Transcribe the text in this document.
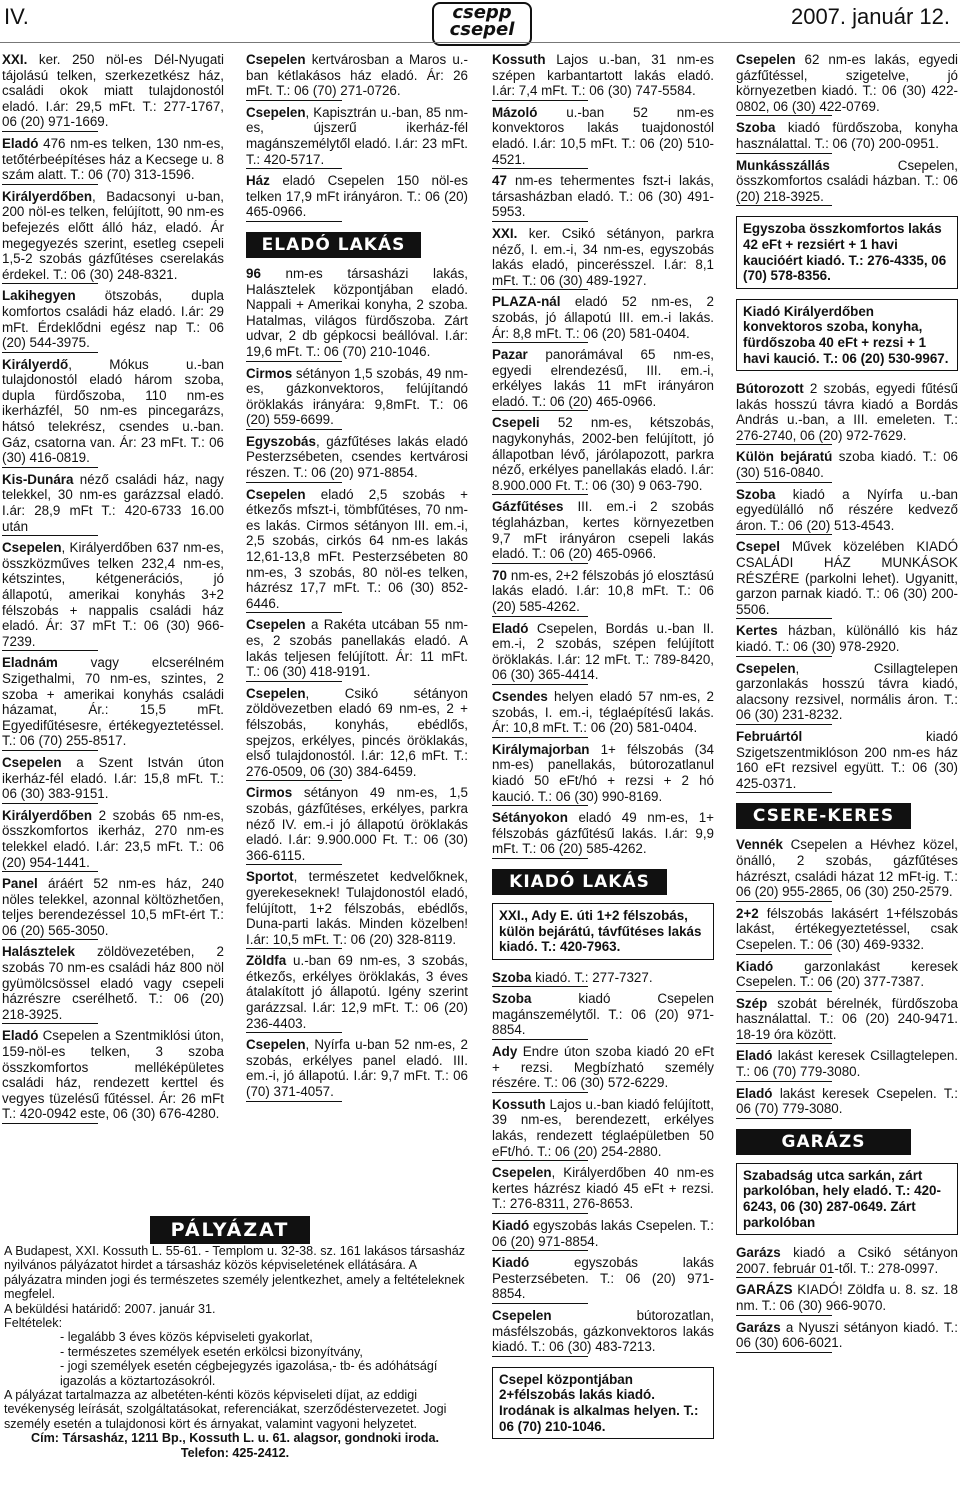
IV.	csepp
csepel
2007. január 12.

XXI. ker. 250 nöl-es Dél-Nyugati tájolású telken, szerkezetkész ház, családi okok miatt tulajdonostól eladó. I.ár: 29,5 mFt. T.: 277-1767, 06 (20) 971-1669.

Eladó 476 nm-es telken, 130 nm-es, tetőtérbeépítéses ház a Kecsege u. 8 szám alatt. T.: 06 (70) 313-1596.

Királyerdőben, Badacsonyi u-ban, 200 nöl-es telken, felújított, 90 nm-es befejezés előtt álló ház, eladó. Ár megegyezés szerint, esetleg csepeli 1,5-2 szobás gázfűtéses cserelakás érdekel. T.: 06 (30) 248-8321.

Lakihegyen ötszobás, dupla komfortos családi ház eladó. I.ár: 29 mFt. Érdeklődni egész nap T.: 06 (20) 544-3975.

Királyerdő, Mókus u.-ban tulajdonostól eladó három szoba, dupla fürdőszoba, 110 nm-es ikerházfél, 50 nm-es pincegarázs, hátsó telekrész, csendes u.-ban. Gáz, csatorna van. Ár: 23 mFt. T.: 06 (30) 416-0819.

Kis-Dunára néző családi ház, nagy telekkel, 30 nm-es garázzsal eladó. I.ár: 28,9 mFt T.: 420-6733 16.00 után

Csepelen, Királyerdőben 637 nm-es, összközműves telken 232,4 nm-es, kétszintes, kétgenerációs, jó állapotú, amerikai konyhás 3+2 félszobás + nappalis családi ház eladó. Ár: 37 mFt T.: 06 (30) 966-7239.

Eladnám vagy elcserélném Szigethalmi, 70 nm-es, szintes, 2 szoba + amerikai konyhás családi házamat, Ár.: 15,5 mFt. Egyedifűtésesre, értékegyeztetéssel. T.: 06 (70) 255-8517.

Csepelen a Szent István úton ikerház-fél eladó. I.ár: 15,8 mFt. T.: 06 (30) 383-9151.

Királyerdőben 2 szobás 65 nm-es, összkomfortos ikerház, 270 nm-es telekkel eladó. I.ár: 23,5 mFt. T.: 06 (20) 954-1441.

Panel áráért 52 nm-es ház, 240 nöles telekkel, azonnal költözhetően, teljes berendezéssel 10,5 mFt-ért T.: 06 (20) 565-3050.

Halásztelek zöldövezetében, 2 szobás 70 nm-es családi ház 800 nöl gyümölcsössel eladó vagy csepeli házrészre cserélhető. T.: 06 (20) 218-3925.

Eladó Csepelen a Szentmiklósi úton, 159-nöl-es telken, 3 szoba összkomfortos melléképületes családi ház, rendezett kerttel és vegyes tüzelésű fűtéssel. Ár: 26 mFt T.: 420-0942 este, 06 (30) 676-4280.

Csepelen kertvárosban a Maros u.-ban kétlakásos ház eladó. Ár: 26 mFt. T.: 06 (70) 271-0726.

Csepelen, Kapisztrán u.-ban, 85 nm-es, újszerű ikerház-fél magánszemélytől eladó. I.ár: 23 mFt. T.: 420-5717.

Ház eladó Csepelen 150 nöl-es telken 17,9 mFt irányáron. T.: 06 (20) 465-0966.

ELADÓ LAKÁS

96 nm-es társasházi lakás, Halásztelek központjában eladó. Nappali + Amerikai konyha, 2 szoba. Hatalmas, világos fürdőszoba. Zárt udvar, 2 db gépkocsi beállóval. I.ár: 19,6 mFt. T.: 06 (70) 210-1046.

Cirmos sétányon 1,5 szobás, 49 nm-es, gázkonvektoros, felújítandó öröklakás irányára: 9,8mFt. T.: 06 (20) 559-6699.

Egyszobás, gázfűtéses lakás eladó Pesterzsébeten, csendes kertvárosi részen. T.: 06 (20) 971-8854.

Csepelen eladó 2,5 szobás + étkezős mfszt-i, tömbfűtéses, 70 nm-es lakás. Cirmos sétányon III. em.-i, 2,5 szobás, cirkós 64 nm-es lakás 12,61-13,8 mFt. Pesterzsébeten 80 nm-es, 3 szobás, 80 nöl-es telken, házrész 17,7 mFt. T.: 06 (30) 852-6446.

Csepelen a Rakéta utcában 55 nm-es, 2 szobás panellakás eladó. A lakás teljesen felújított. Ár: 11 mFt. T.: 06 (30) 418-9191.

Csepelen, Csikó sétányon zöldövezetben eladó 69 nm-es, 2 + félszobás, konyhás, ebédlős, spejzos, erkélyes, pincés öröklakás, első tulajdonostól. I.ár: 12,6 mFt. T.: 276-0509, 06 (30) 384-6459.

Cirmos sétányon 49 nm-es, 1,5 szobás, gázfűtéses, erkélyes, parkra néző IV. em.-i jó állapotú öröklakás eladó. I.ár: 9.900.000 Ft. T.: 06 (30) 366-6115.

Sportot, természetet kedvelőknek, gyerekeseknek! Tulajdonostól eladó, felújított, 1+2 félszobás, ebédlős, Duna-parti lakás. Minden közelben! I.ár: 10,5 mFt. T.: 06 (20) 328-8119.

Zöldfa u.-ban 69 nm-es, 3 szobás, étkezős, erkélyes öröklakás, 3 éves átalakított jó állapotú. Igény szerint garázzsal. I.ár: 12,9 mFt. T.: 06 (20) 236-4403.

Csepelen, Nyírfa u-ban 52 nm-es, 2 szobás, erkélyes panel eladó. III. em.-i, jó állapotú. I.ár: 9,7 mFt. T.: 06 (70) 371-4057.

Kossuth Lajos u.-ban, 31 nm-es szépen karbantartott lakás eladó. I.ár: 7,4 mFt. T.: 06 (30) 747-5584.

Mázoló u.-ban 52 nm-es konvektoros lakás tuajdonostól eladó. I.ár: 10,5 mFt. T.: 06 (20) 510-4521.

47 nm-es tehermentes fszt-i lakás, társasházban eladó. T.: 06 (30) 491-5953.

XXI. ker. Csikó sétányon, parkra néző, I. em.-i, 34 nm-es, egyszobás lakás eladó, pincerésszel. I.ár: 8,1 mFt. T.: 06 (30) 489-1927.

PLAZA-nál eladó 52 nm-es, 2 szobás, jó állapotú III. em.-i lakás. Ár: 8,8 mFt. T.: 06 (20) 581-0404.

Pazar panorámával 65 nm-es, egyedi elrendezésű, III. em.-i, erkélyes lakás 11 mFt irányáron eladó. T.: 06 (20) 465-0966.

Csepeli 52 nm-es, kétszobás, nagykonyhás, 2002-ben felújított, jó állapotban lévő, járólapozott, parkra néző, erkélyes panellakás eladó. I.ár: 8.900.000 Ft. T.: 06 (30) 9 063-790.

Gázfűtéses III. em.-i 2 szobás téglaházban, kertes környezetben 9,7 mFt irányáron csepeli lakás eladó. T.: 06 (20) 465-0966.

70 nm-es, 2+2 félszobás jó elosztású lakás eladó. I.ár: 10,8 mFt. T.: 06 (20) 585-4262.

Eladó Csepelen, Bordás u.-ban II. em.-i, 2 szobás, szépen felújított öröklakás. I.ár: 12 mFt. T.: 789-8420, 06 (30) 365-4414.

Csendes helyen eladó 57 nm-es, 2 szobás, I. em.-i, téglaépítésű lakás. Ár: 10,8 mFt. T.: 06 (20) 581-0404.

Királymajorban 1+ félszobás (34 nm-es) panellakás, bútorozatlanul kiadó 50 eFt/hó + rezsi + 2 hó kaució. T.: 06 (30) 990-8169.

Sétányokon eladó 49 nm-es, 1+ félszobás gázfűtésű lakás. I.ár: 9,9 mFt. T.: 06 (20) 585-4262.

KIADÓ LAKÁS
XXI., Ady E. úti 1+2 félszobás, külön bejárátú, távfűtéses lakás kiadó. T.: 420-7963.

Szoba kiadó. T.: 277-7327.

Szoba kiadó Csepelen magánszemélytől. T.: 06 (20) 971-8854.

Ady Endre úton szoba kiadó 20 eFt + rezsi. Megbízható személy részére. T.: 06 (30) 572-6229.

Kossuth Lajos u.-ban kiadó felújított, 39 nm-es, berendezett, erkélyes lakás, rendezett téglaépületben 50 eFt/hó. T.: 06 (20) 254-2880.

Csepelen, Királyerdőben 40 nm-es kertes házrész kiadó 45 eFt + rezsi. T.: 276-8311, 276-8653.

Kiadó egyszobás lakás Csepelen. T.: 06 (20) 971-8854.

Kiadó egyszobás lakás Pesterzsébeten. T.: 06 (20) 971-8854.

Csepelen bútorozatlan, másfélszobás, gázkonvektoros lakás kiadó. T.: 06 (30) 483-7213.

Csepel központjában 2+félszobás lakás kiadó. Irodának is alkalmas helyen. T.: 06 (70) 210-1046.

Csepelen 62 nm-es lakás, egyedi gázfűtéssel, szigetelve, jó környezetben kiadó. T.: 06 (30) 422-0802, 06 (30) 422-0769.

Szoba kiadó fürdőszoba, konyha használattal. T.: 06 (70) 200-0951.

Munkásszállás Csepelen, összkomfortos családi házban. T.: 06 (20) 218-3925.

Egyszoba összkomfortos lakás 42 eFt + rezsiért + 1 havi kaucióért kiadó. T.: 276-4335, 06 (70) 578-8356.
Kiadó Királyerdőben konvektoros szoba, konyha, fürdőszoba 40 eFt + rezsi + 1 havi kaució. T.: 06 (20) 530-9967.

Bútorozott 2 szobás, egyedi fűtésű lakás hosszú távra kiadó a Bordás András u.-ban, a III. emeleten. T.: 276-2740, 06 (20) 972-7629.

Külön bejáratú szoba kiadó. T.: 06 (30) 516-0840.

Szoba kiadó a Nyírfa u.-ban egyedülálló nő részére kedvező áron. T.: 06 (20) 513-4543.

Csepel Művek közelében KIADÓ CSALÁDI HÁZ MUNKÁSOK RÉSZÉRE (parkolni lehet). Ugyanitt, garzon parnak kiadó. T.: 06 (30) 200-5506.

Kertes házban, különálló kis ház kiadó. T.: 06 (30) 978-2920.

Csepelen, Csillagtelepen garzonlakás hosszú távra kiadó, alacsony rezsivel, normális áron. T.: 06 (30) 231-8232.

Februártól kiadó Szigetszentmiklóson 200 nm-es ház 160 eFt rezsivel együtt. T.: 06 (30) 425-0371.

CSERE-KERES

Vennék Csepelen a Hévhez közel, önálló, 2 szobás, gázfűtéses házrészt, családi házat 12 mFt-ig. T.: 06 (20) 955-2865, 06 (30) 250-2579.

2+2 félszobás lakásért 1+félszobás lakást, értékegyeztetéssel, csak Csepelen. T.: 06 (30) 469-9332.

Kiadó garzonlakást keresek Csepelen. T.: 06 (20) 377-7387.

Szép szobát bérelnék, fürdőszoba használattal. T.: 06 (20) 240-9471. 18-19 óra között.

Eladó lakást keresek Csillagtelepen. T.: 06 (70) 779-3080.

Eladó lakást keresek Csepelen. T.: 06 (70) 779-3080.

GARÁZS
Szabadság utca sarkán, zárt parkolóban, hely eladó. T.: 420-6243, 06 (30) 287-0649. Zárt parkolóban

Garázs kiadó a Csikó sétányon 2007. február 01-től. T.: 278-0997.

GARÁZS KIADÓ! Zöldfa u. 8. sz. 18 nm. T.: 06 (30) 966-9070.

Garázs a Nyuszi sétányon kiadó. T.: 06 (30) 606-6021.

PÁLYÁZAT

A Budapest, XXI. Kossuth L. 55-61. - Templom u. 32-38. sz. 161 lakásos társasház nyilvános pályázatot hirdet a társasház közös képviseletének ellátására. A pályázatra minden jogi és természetes személy jelentkezhet, amely a feltételeknek megfelel.

A beküldési határidő: 2007. január 31.

Feltételek:

- legalább 3 éves közös képviseleti gyakorlat,
- természetes személyek esetén erkölcsi bizonyítvány,
- jogi személyek esetén cégbejegyzés igazolása,- tb- és adóhátságí igazolás a köztartozásokról.

A pályázat tartalmazza az albetéten-kénti közös képviseleti díjat, az eddigi tevékenység leírását, szolgáltatásokat, referenciákat, szerződéstervezetet. Jogi személy esetén a tulajdonosi kört és árnyakat, valamint vagyoni helyzetet.

Cím: Társasház, 1211 Bp., Kossuth L. u. 61. alagsor, gondnoki iroda.

Telefon: 425-2412.
